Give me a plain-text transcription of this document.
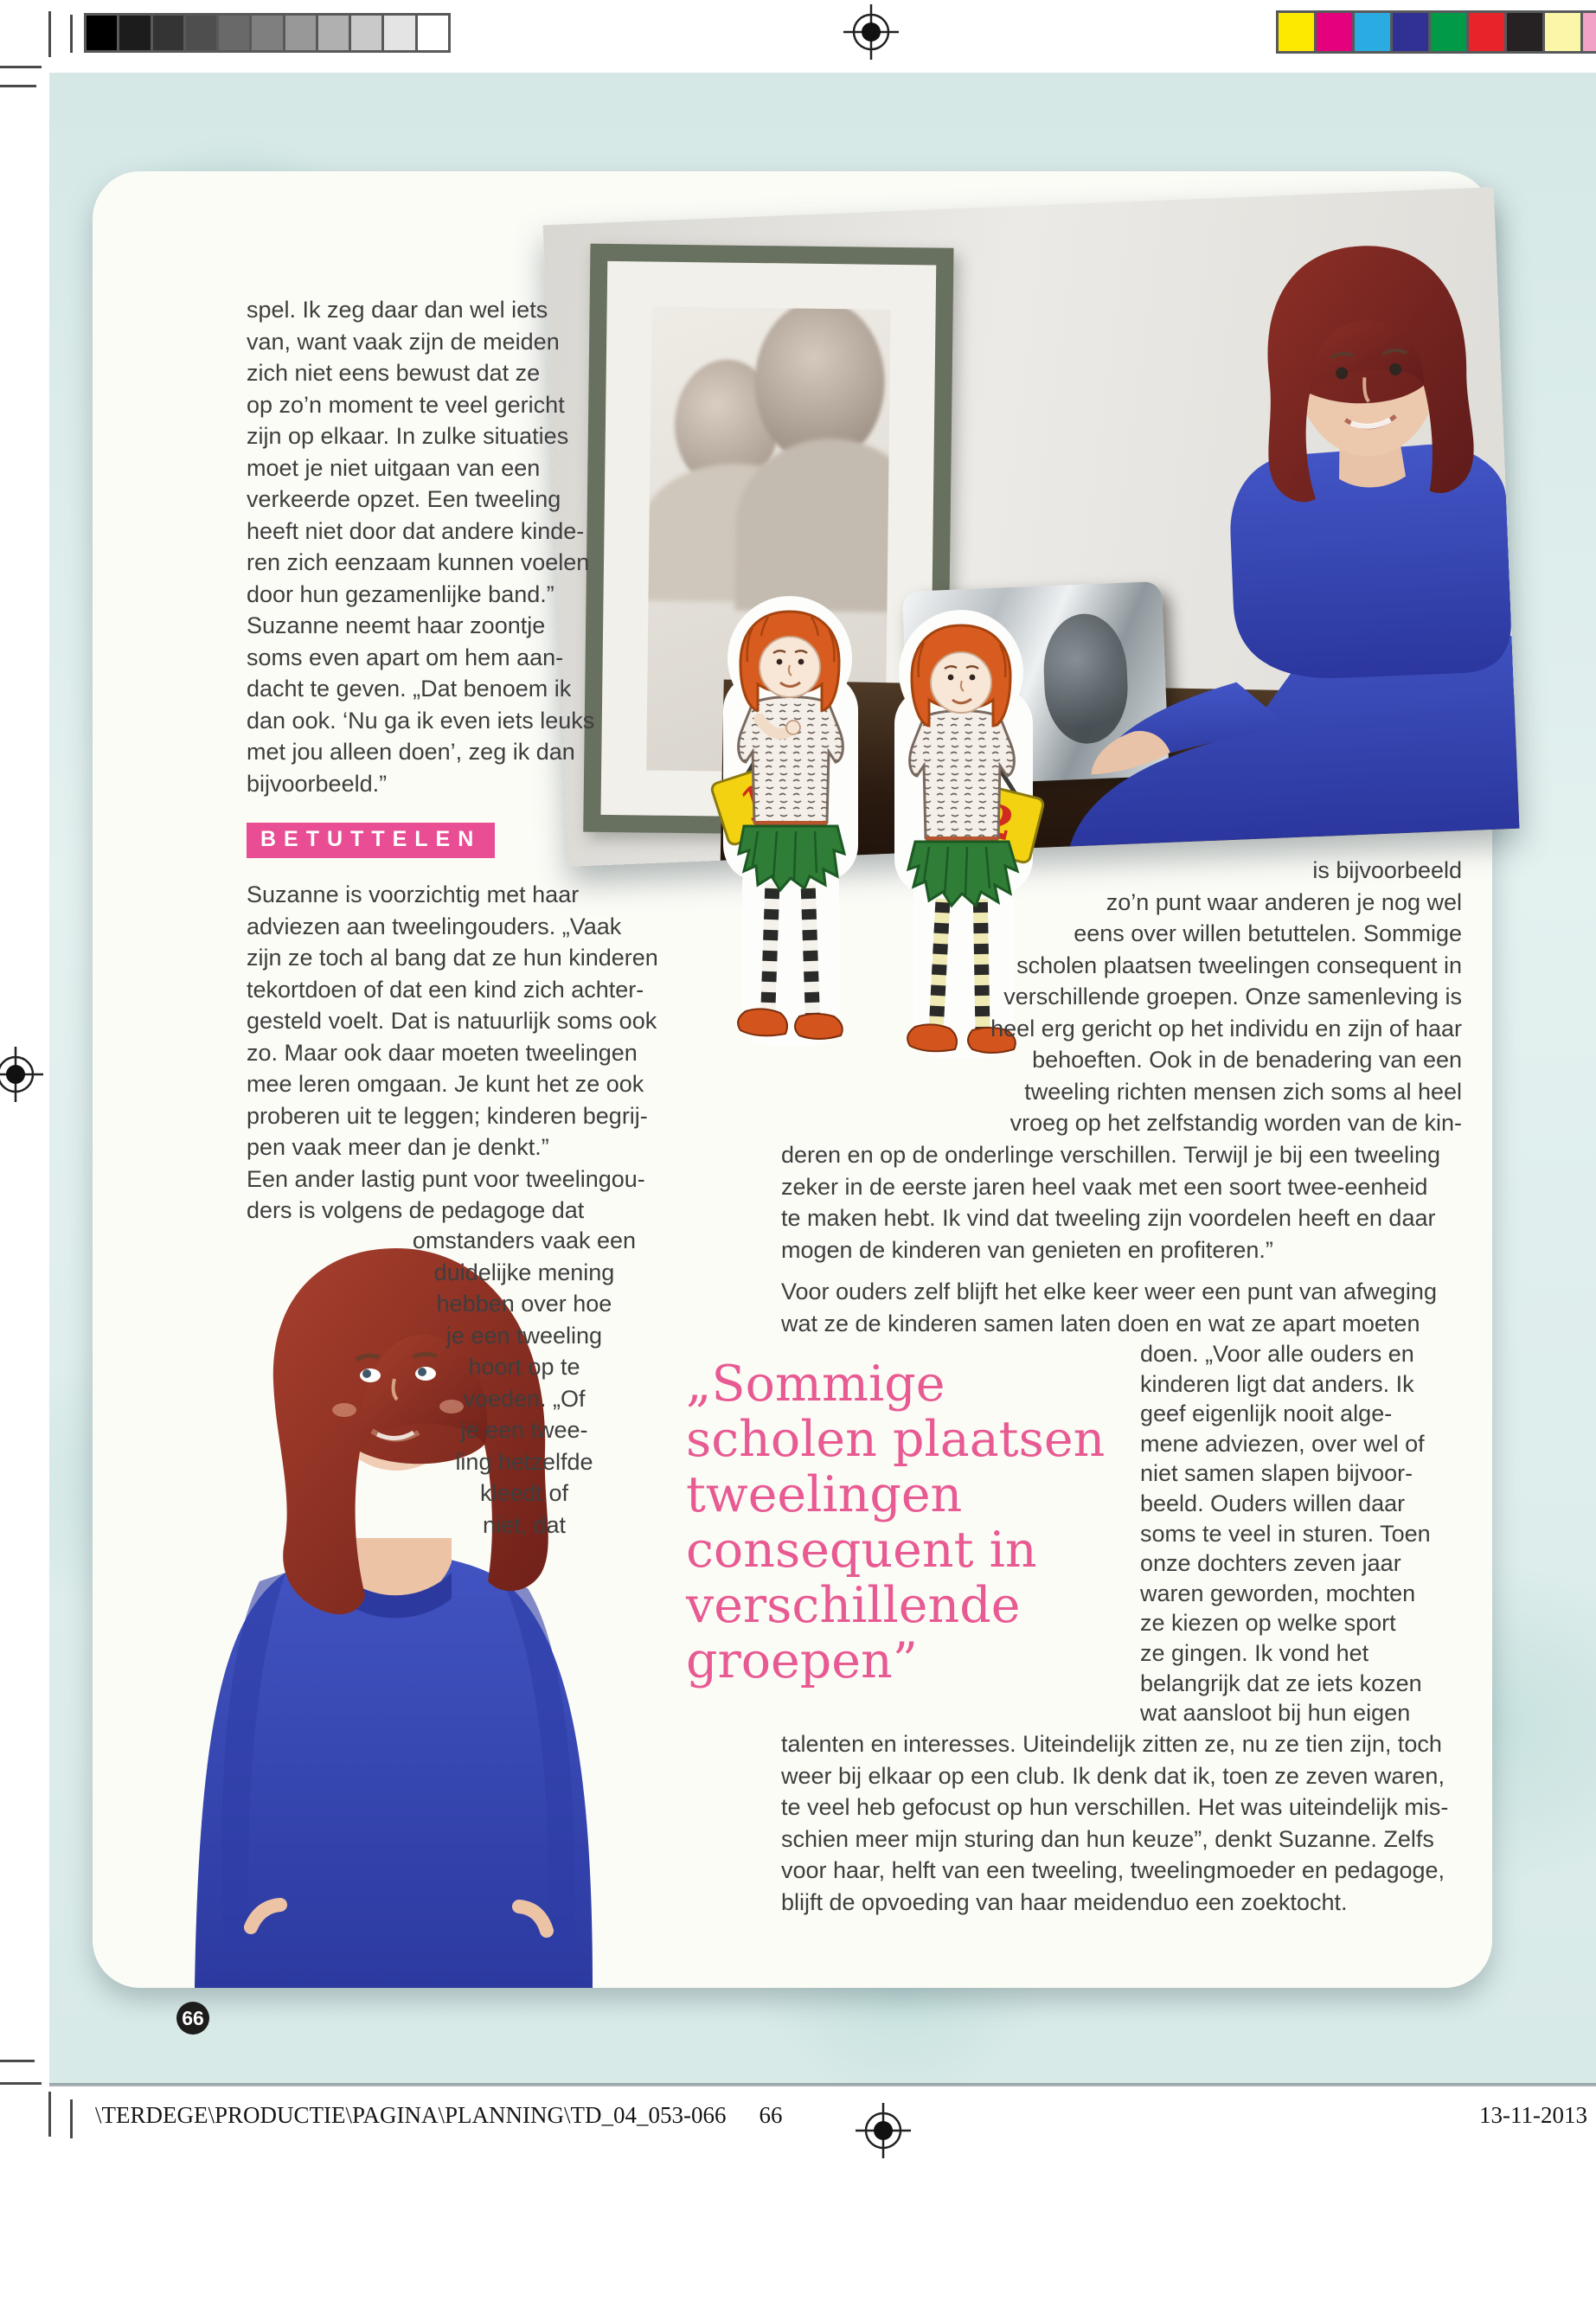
spel. Ik zeg daar dan wel iets
van, want vaak zijn de meiden
zich niet eens bewust dat ze
op zo’n moment te veel gericht
zijn op elkaar. In zulke situaties
moet je niet uitgaan van een
verkeerde opzet. Een tweeling
heeft niet door dat andere kinde-
ren zich eenzaam kunnen voelen
door hun gezamenlijke band.”
Suzanne neemt haar zoontje
soms even apart om hem aan-
dacht te geven. „Dat benoem ik
dan ook. ‘Nu ga ik even iets leuks
met jou alleen doen’, zeg ik dan
bijvoorbeeld.”
BETUTTELEN
Suzanne is voorzichtig met haar
adviezen aan tweelingouders. „Vaak
zijn ze toch al bang dat ze hun kinderen
tekortdoen of dat een kind zich achter-
gesteld voelt. Dat is natuurlijk soms ook
zo. Maar ook daar moeten tweelingen
mee leren omgaan. Je kunt het ze ook
proberen uit te leggen; kinderen begrij-
pen vaak meer dan je denkt.”
Een ander lastig punt voor tweelingou-
ders is volgens de pedagoge dat
omstanders vaak een
duidelijke mening
hebben over hoe
je een tweeling
hoort op te
voeden. „Of
je een twee-
ling hetzelfde
kleedt of
niet, dat
is bijvoorbeeld
zo’n punt waar anderen je nog wel
eens over willen betuttelen. Sommige
scholen plaatsen tweelingen consequent in
verschillende groepen. Onze samenleving is
heel erg gericht op het individu en zijn of haar
behoeften. Ook in de benadering van een
tweeling richten mensen zich soms al heel
vroeg op het zelfstandig worden van de kin-
deren en op de onderlinge verschillen. Terwijl je bij een tweeling
zeker in de eerste jaren heel vaak met een soort twee-eenheid
te maken hebt. Ik vind dat tweeling zijn voordelen heeft en daar
mogen de kinderen van genieten en profiteren.”
Voor ouders zelf blijft het elke keer weer een punt van afweging
wat ze de kinderen samen laten doen en wat ze apart moeten
doen. „Voor alle ouders en
kinderen ligt dat anders. Ik
geef eigenlijk nooit alge-
mene adviezen, over wel of
niet samen slapen bijvoor-
beeld. Ouders willen daar
soms te veel in sturen. Toen
onze dochters zeven jaar
waren geworden, mochten
ze kiezen op welke sport
ze gingen. Ik vond het
belangrijk dat ze iets kozen
wat aansloot bij hun eigen
talenten en interesses. Uiteindelijk zitten ze, nu ze tien zijn, toch
weer bij elkaar op een club. Ik denk dat ik, toen ze zeven waren,
te veel heb gefocust op hun verschillen. Het was uiteindelijk mis-
schien meer mijn sturing dan hun keuze”, denkt Suzanne. Zelfs
voor haar, helft van een tweeling, tweelingmoeder en pedagoge,
blijft de opvoeding van haar meidenduo een zoektocht.
„Sommige
scholen plaatsen
tweelingen
consequent in
verschillende
groepen”
66
\TERDEGE\PRODUCTIE\PAGINA\PLANNING\TD_04_053-066 66	13-11-2013
